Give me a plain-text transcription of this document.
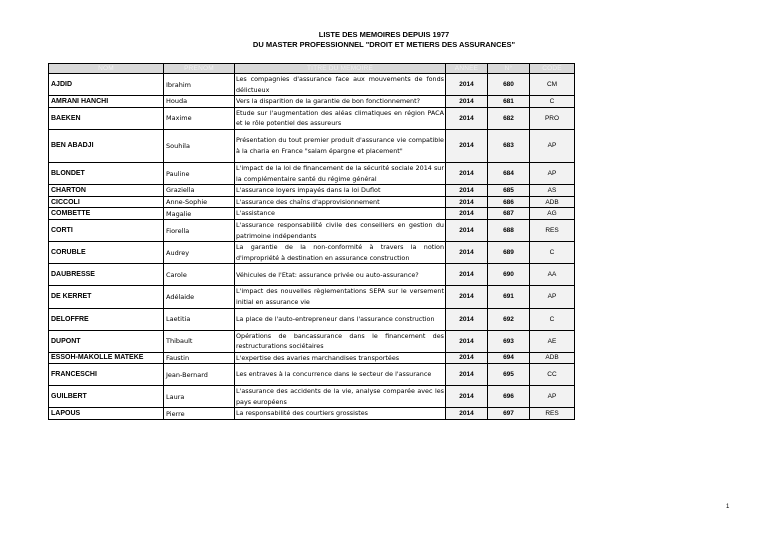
LISTE DES MEMOIRES DEPUIS 1977
DU MASTER PROFESSIONNEL "DROIT ET METIERS DES ASSURANCES"
NOM	PRENOM	TITRE DU MEMOIRE	ANNEE	N°	CODE
AJDID	Ibrahim	Les compagnies d'assurance face aux mouvements de fonds délictueux	2014	680	CM
AMRANI HANCHI	Houda	Vers la disparition de la garantie de bon fonctionnement?	2014	681	C
BAEKEN	Maxime	Etude sur l'augmentation des aléas climatiques en région PACA et le rôle potentiel des assureurs	2014	682	PRO
BEN ABADJI	Souhila	Présentation du tout premier produit d'assurance vie compatible à la charia en France "salam épargne et placement"	2014	683	AP
BLONDET	Pauline	L'impact de la loi de financement de la sécurité sociale 2014 sur la complémentaire santé du régime général	2014	684	AP
CHARTON	Graziella	L'assurance loyers impayés dans la loi Duflot	2014	685	AS
CICCOLI	Anne-Sophie	L'assurance des chaîns d'approvisionnement	2014	686	ADB
COMBETTE	Magalie	L'assistance	2014	687	AG
CORTI	Fiorella	L'assurance responsabilité civile des conseillers en gestion du patrimoine indépendants	2014	688	RES
CORUBLE	Audrey	La garantie de la non-conformité à travers la notion d'impropriété à destination en assurance construction	2014	689	C
DAUBRESSE	Carole	Véhicules de l'Etat: assurance privée ou auto-assurance?	2014	690	AA
DE KERRET	Adélaide	L'impact des nouvelles règlementations SEPA sur le versement initial en assurance vie	2014	691	AP
DELOFFRE	Laetitia	La place de l'auto-entrepreneur dans l'assurance construction	2014	692	C
DUPONT	Thibault	Opérations de bancassurance dans le financement des restructurations sociétaires	2014	693	AE
ESSOH-MAKOLLE MATEKE	Faustin	L'expertise des avaries marchandises transportées	2014	694	ADB
FRANCESCHI	Jean-Bernard	Les entraves à la concurrence dans le secteur de l'assurance	2014	695	CC
GUILBERT	Laura	L'assurance des accidents de la vie, analyse comparée avec les pays européens	2014	696	AP
LAPOUS	Pierre	La responsabilité des courtiers grossistes	2014	697	RES
1
